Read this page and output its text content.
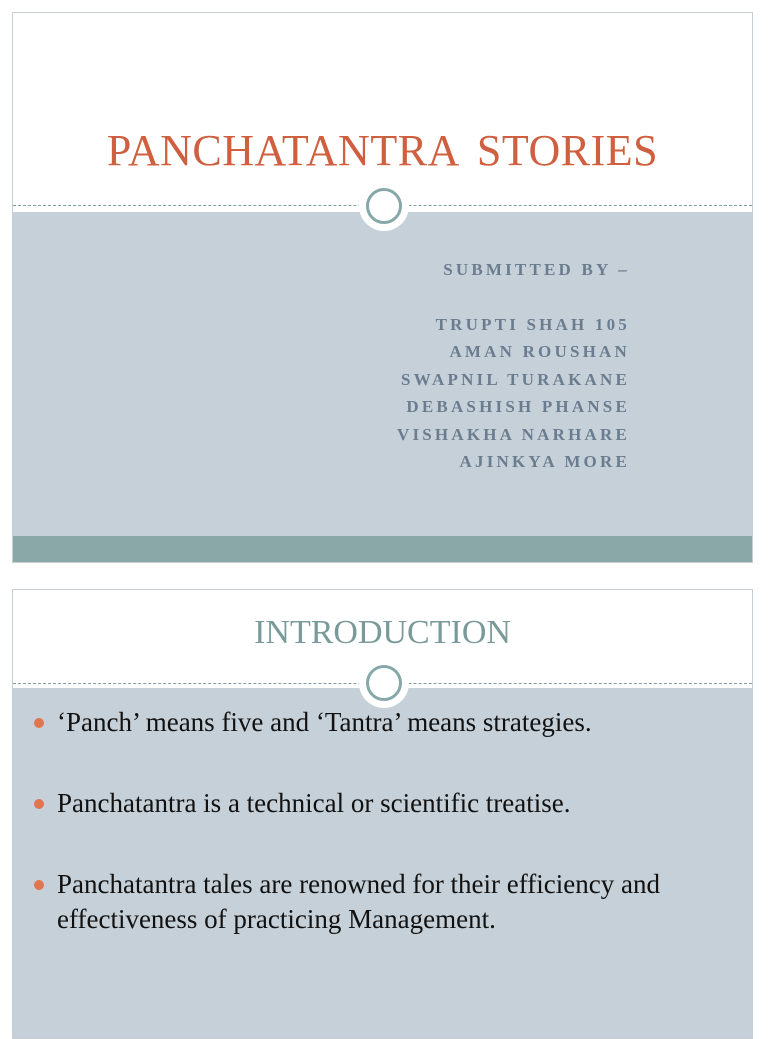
PANCHATANTRA STORIES
SUBMITTED BY –
TRUPTI SHAH 105
AMAN ROUSHAN
SWAPNIL TURAKANE
DEBASHISH PHANSE
VISHAKHA NARHARE
AJINKYA MORE
INTRODUCTION
‘Panch’ means five and ‘Tantra’ means strategies.
Panchatantra is a technical or scientific treatise.
Panchatantra tales are renowned for their efficiency and effectiveness of practicing Management.
